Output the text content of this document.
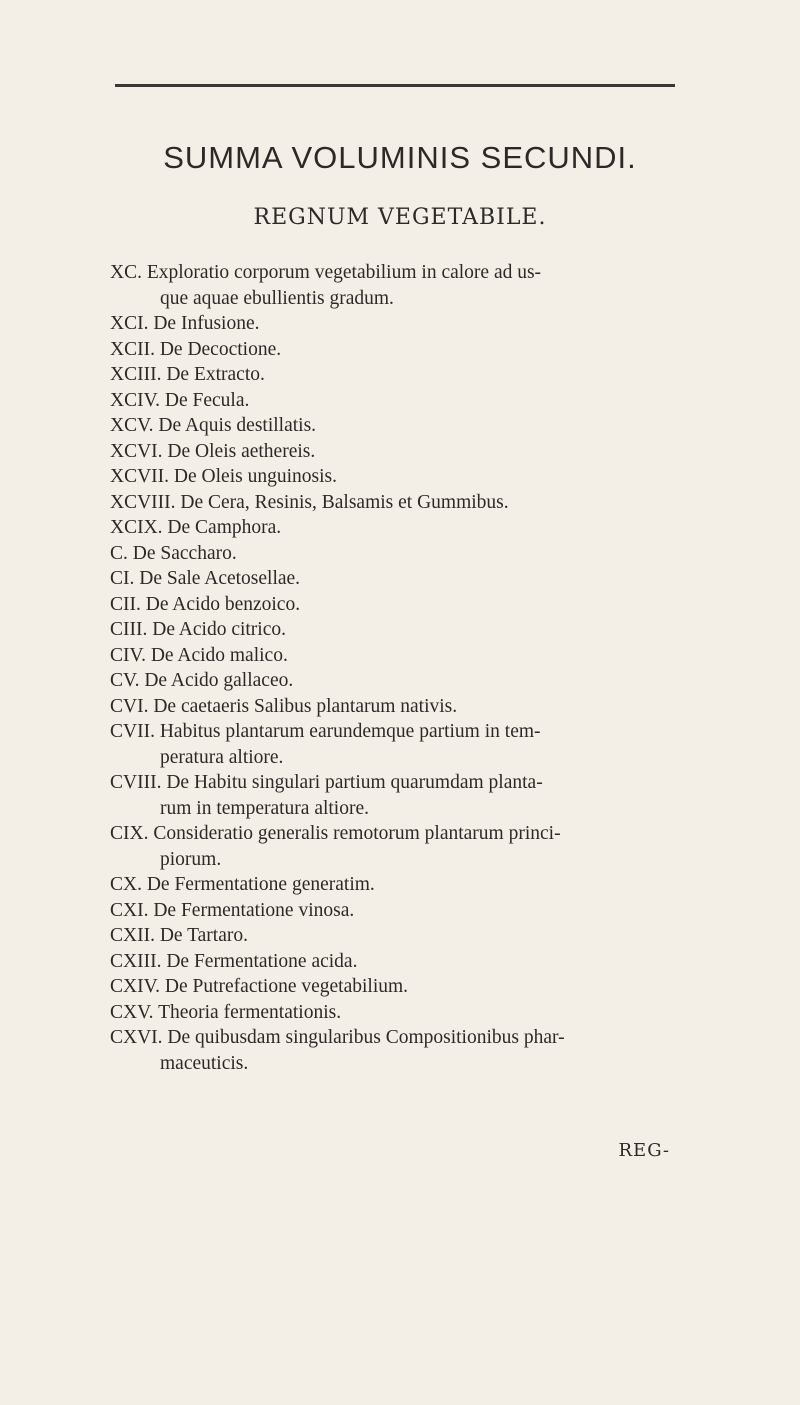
SUMMA VOLUMINIS SECUNDI.
REGNUM VEGETABILE.
XC. Exploratio corporum vegetabilium in calore ad us-
que aquae ebullientis gradum.
XCI. De Infusione.
XCII. De Decoctione.
XCIII. De Extracto.
XCIV. De Fecula.
XCV. De Aquis destillatis.
XCVI. De Oleis aethereis.
XCVII. De Oleis unguinosis.
XCVIII. De Cera, Resinis, Balsamis et Gummibus.
XCIX. De Camphora.
C. De Saccharo.
CI. De Sale Acetosellae.
CII. De Acido benzoico.
CIII. De Acido citrico.
CIV. De Acido malico.
CV. De Acido gallaceo.
CVI. De caetaeris Salibus plantarum nativis.
CVII. Habitus plantarum earundemque partium in tem-
peratura altiore.
CVIII. De Habitu singulari partium quarumdam planta-
rum in temperatura altiore.
CIX. Consideratio generalis remotorum plantarum princi-
piorum.
CX. De Fermentatione generatim.
CXI. De Fermentatione vinosa.
CXII. De Tartaro.
CXIII. De Fermentatione acida.
CXIV. De Putrefactione vegetabilium.
CXV. Theoria fermentationis.
CXVI. De quibusdam singularibus Compositionibus phar-
maceuticis.
REG-
